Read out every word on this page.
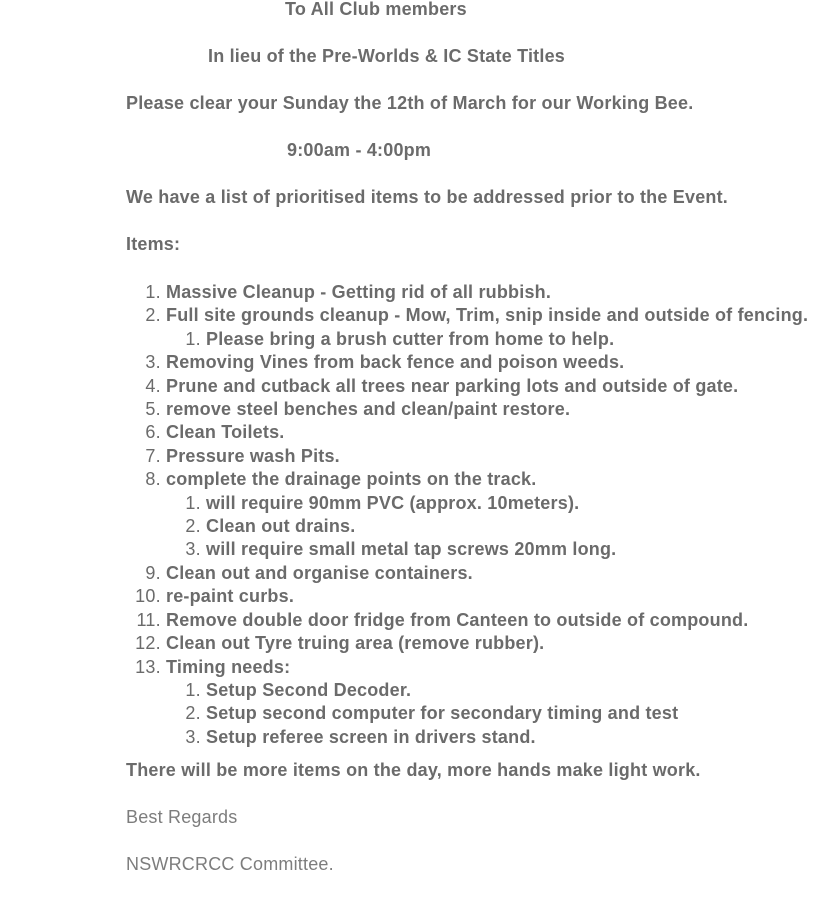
To All Club members

In lieu of the Pre-Worlds & IC State Titles

Please clear your Sunday the 12th of March for our Working Bee.

9:00am - 4:00pm

We have a list of prioritised items to be addressed prior to the Event.

Items:

1. Massive Cleanup - Getting rid of all rubbish.
2. Full site grounds cleanup - Mow, Trim, snip inside and outside of fencing.
1. Please bring a brush cutter from home to help.
3. Removing Vines from back fence and poison weeds.
4. Prune and cutback all trees near parking lots and outside of gate.
5. remove steel benches and clean/paint restore.
6. Clean Toilets.
7. Pressure wash Pits.
8. complete the drainage points on the track.
1. will require 90mm PVC (approx. 10meters).
2. Clean out drains.
3. will require small metal tap screws 20mm long.
9. Clean out and organise containers.
10. re-paint curbs.
11. Remove double door fridge from Canteen to outside of compound.
12. Clean out Tyre truing area (remove rubber).
13. Timing needs:
1. Setup Second Decoder.
2. Setup second computer for secondary timing and test
3. Setup referee screen in drivers stand.

There will be more items on the day, more hands make light work.

Best Regards

NSWRCRCC Committee.
